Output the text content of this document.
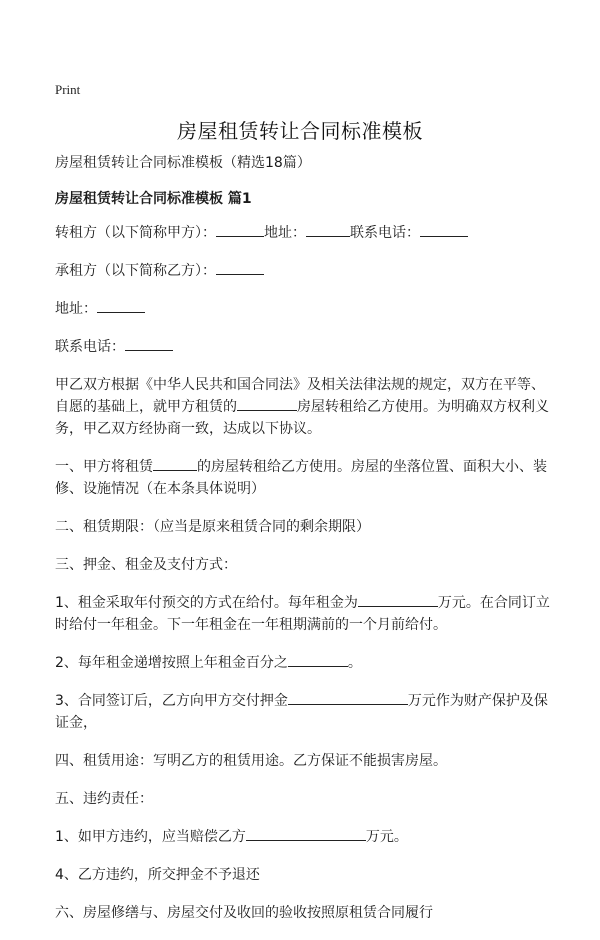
Print
房屋租赁转让合同标准模板

房屋租赁转让合同标准模板（精选18篇）

房屋租赁转让合同标准模板 篇1

转租方（以下简称甲方）：	地址：	联系电话：

承租方（以下简称乙方）：

地址：

联系电话：

甲乙双方根据《中华人民共和国合同法》及相关法律法规的规定，双方在平等、自愿的基础上，就甲方租赁的	房屋转租给乙方使用。为明确双方权利义务，甲乙双方经协商一致，达成以下协议。

一、甲方将租赁	的房屋转租给乙方使用。房屋的坐落位置、面积大小、装修、设施情况（在本条具体说明）

二、租赁期限：（应当是原来租赁合同的剩余期限）

三、押金、租金及支付方式：

1、租金采取年付预交的方式在给付。每年租金为	万元。在合同订立时给付一年租金。下一年租金在一年租期满前的一个月前给付。

2、每年租金递增按照上年租金百分之	。

3、合同签订后，乙方向甲方交付押金	万元作为财产保护及保证金，

四、租赁用途：写明乙方的租赁用途。乙方保证不能损害房屋。

五、违约责任：

1、如甲方违约，应当赔偿乙方	万元。

4、乙方违约，所交押金不予退还

六、房屋修缮与、房屋交付及收回的验收按照原租赁合同履行
